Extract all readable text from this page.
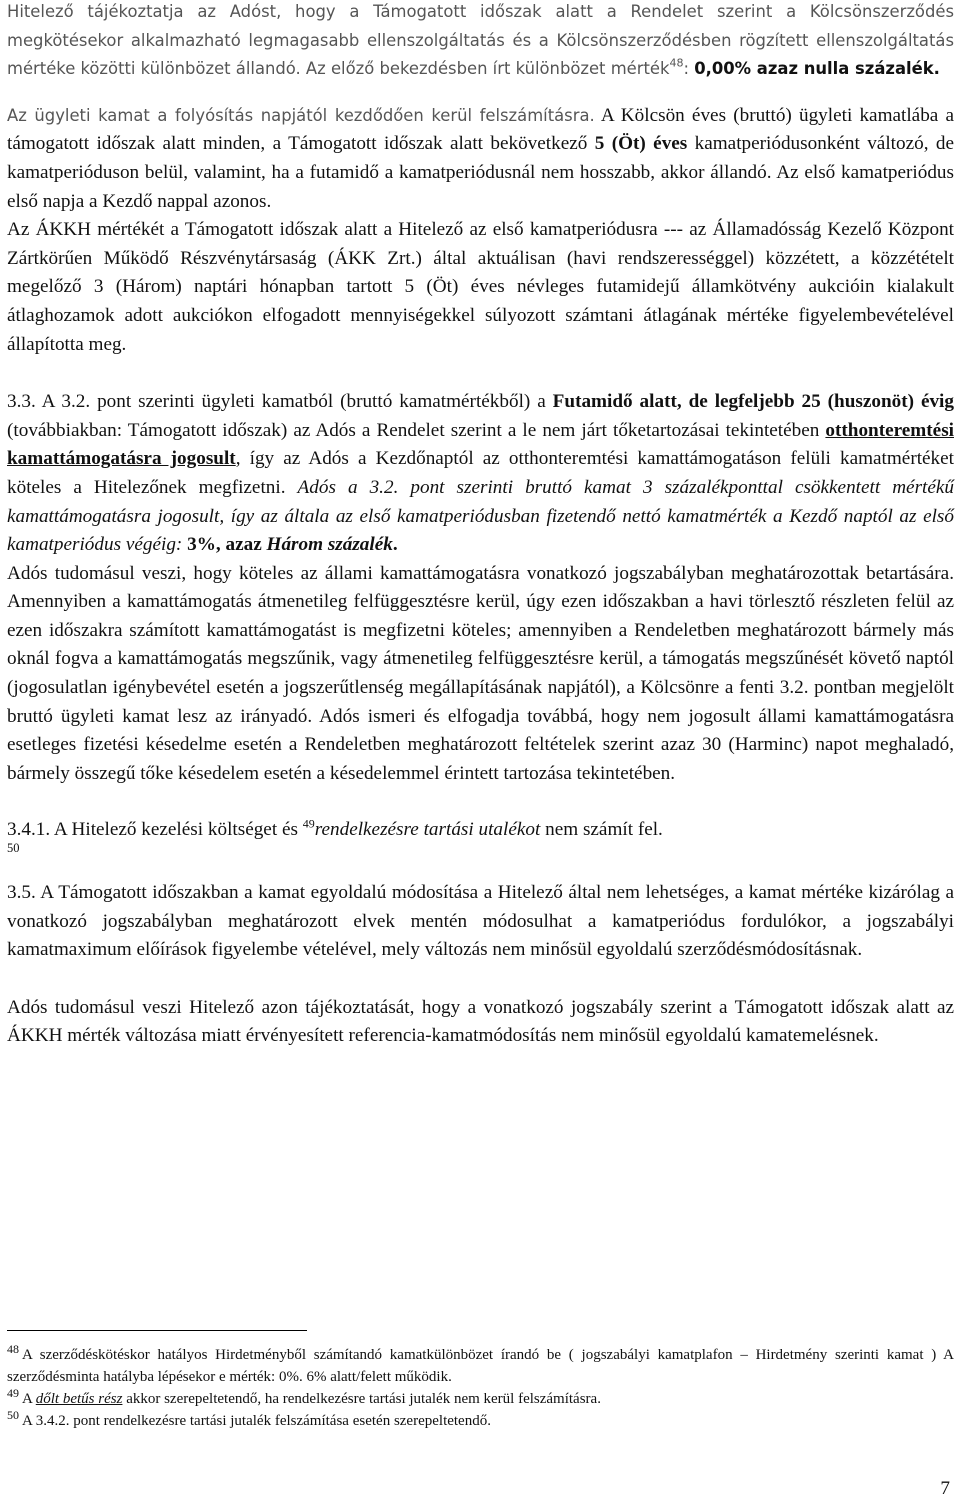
Hitelező tájékoztatja az Adóst, hogy a Támogatott időszak alatt a Rendelet szerint a Kölcsönszerződés megkötésekor alkalmazható legmagasabb ellenszolgáltatás és a Kölcsönszerződésben rögzített ellenszolgáltatás mértéke közötti különbözet állandó. Az előző bekezdésben írt különbözet mérték$^{48}$: 0,00% azaz nulla százalék.

Az ügyleti kamat a folyósítás napjától kezdődően kerül felszámításra. A Kölcsön éves (bruttó) ügyleti kamatlába a támogatott időszak alatt minden, a Támogatott időszak alatt bekövetkező 5 (Öt) éves kamatperiódusonként változó, de kamatperióduson belül, valamint, ha a futamidő a kamatperiódusnál nem hosszabb, akkor állandó. Az első kamatperiódus első napja a Kezdő nappal azonos.

Az ÁKKH mértékét a Támogatott időszak alatt a Hitelező az első kamatperiódusra --- az Államadósság Kezelő Központ Zártkörűen Működő Részvénytársaság (ÁKK Zrt.) által aktuálisan (havi rendszerességgel) közzétett, a közzétételt megelőző 3 (Három) naptári hónapban tartott 5 (Öt) éves névleges futamidejű államkötvény aukcióin kialakult átlaghozamok adott aukciókon elfogadott mennyiségekkel súlyozott számtani átlagának mértéke figyelembevételével állapította meg.

3.3. A 3.2. pont szerinti ügyleti kamatból (bruttó kamatmértékből) a Futamidő alatt, de legfeljebb 25 (huszonöt) évig (továbbiakban: Támogatott időszak) az Adós a Rendelet szerint a le nem járt tőketartozásai tekintetében otthonteremtési kamattámogatásra jogosult, így az Adós a Kezdőnaptól az otthonteremtési kamattámogatáson felüli kamatmértéket köteles a Hitelezőnek megfizetni. Adós a 3.2. pont szerinti bruttó kamat 3 százalékponttal csökkentett mértékű kamattámogatásra jogosult, így az általa az első kamatperiódusban fizetendő nettó kamatmérték a Kezdő naptól az első kamatperiódus végéig: 3%, azaz Három százalék.

Adós tudomásul veszi, hogy köteles az állami kamattámogatásra vonatkozó jogszabályban meghatározottak betartására. Amennyiben a kamattámogatás átmenetileg felfüggesztésre kerül, úgy ezen időszakban a havi törlesztő részleten felül az ezen időszakra számított kamattámogatást is megfizetni köteles; amennyiben a Rendeletben meghatározott bármely más oknál fogva a kamattámogatás megszűnik, vagy átmenetileg felfüggesztésre kerül, a támogatás megszűnését követő naptól (jogosulatlan igénybevétel esetén a jogszerűtlenség megállapításának napjától), a Kölcsönre a fenti 3.2. pontban megjelölt bruttó ügyleti kamat lesz az irányadó. Adós ismeri és elfogadja továbbá, hogy nem jogosult állami kamattámogatásra esetleges fizetési késedelme esetén a Rendeletben meghatározott feltételek szerint azaz 30 (Harminc) napot meghaladó, bármely összegű tőke késedelem esetén a késedelemmel érintett tartozása tekintetében.

3.4.1. A Hitelező kezelési költséget és $^{49}$rendelkezésre tartási utalékot nem számít fel.
50

3.5. A Támogatott időszakban a kamat egyoldalú módosítása a Hitelező által nem lehetséges, a kamat mértéke kizárólag a vonatkozó jogszabályban meghatározott elvek mentén módosulhat a kamatperiódus fordulókor, a jogszabályi kamatmaximum előírások figyelembe vételével, mely változás nem minősül egyoldalú szerződésmódosításnak.

Adós tudomásul veszi Hitelező azon tájékoztatását, hogy a vonatkozó jogszabály szerint a Támogatott időszak alatt az ÁKKH mérték változása miatt érvényesített referencia-kamatmódosítás nem minősül egyoldalú kamatemelésnek.

$^{48}$ A szerződéskötéskor hatályos Hirdetményből számítandó kamatkülönbözet írandó be ( jogszabályi kamatplafon – Hirdetmény szerinti kamat ) A szerződésminta hatályba lépésekor e mérték: 0%. 6% alatt/felett működik.

$^{49}$ A dőlt betűs rész akkor szerepeltetendő, ha rendelkezésre tartási jutalék nem kerül felszámításra.

$^{50}$ A 3.4.2. pont rendelkezésre tartási jutalék felszámítása esetén szerepeltetendő.

7
